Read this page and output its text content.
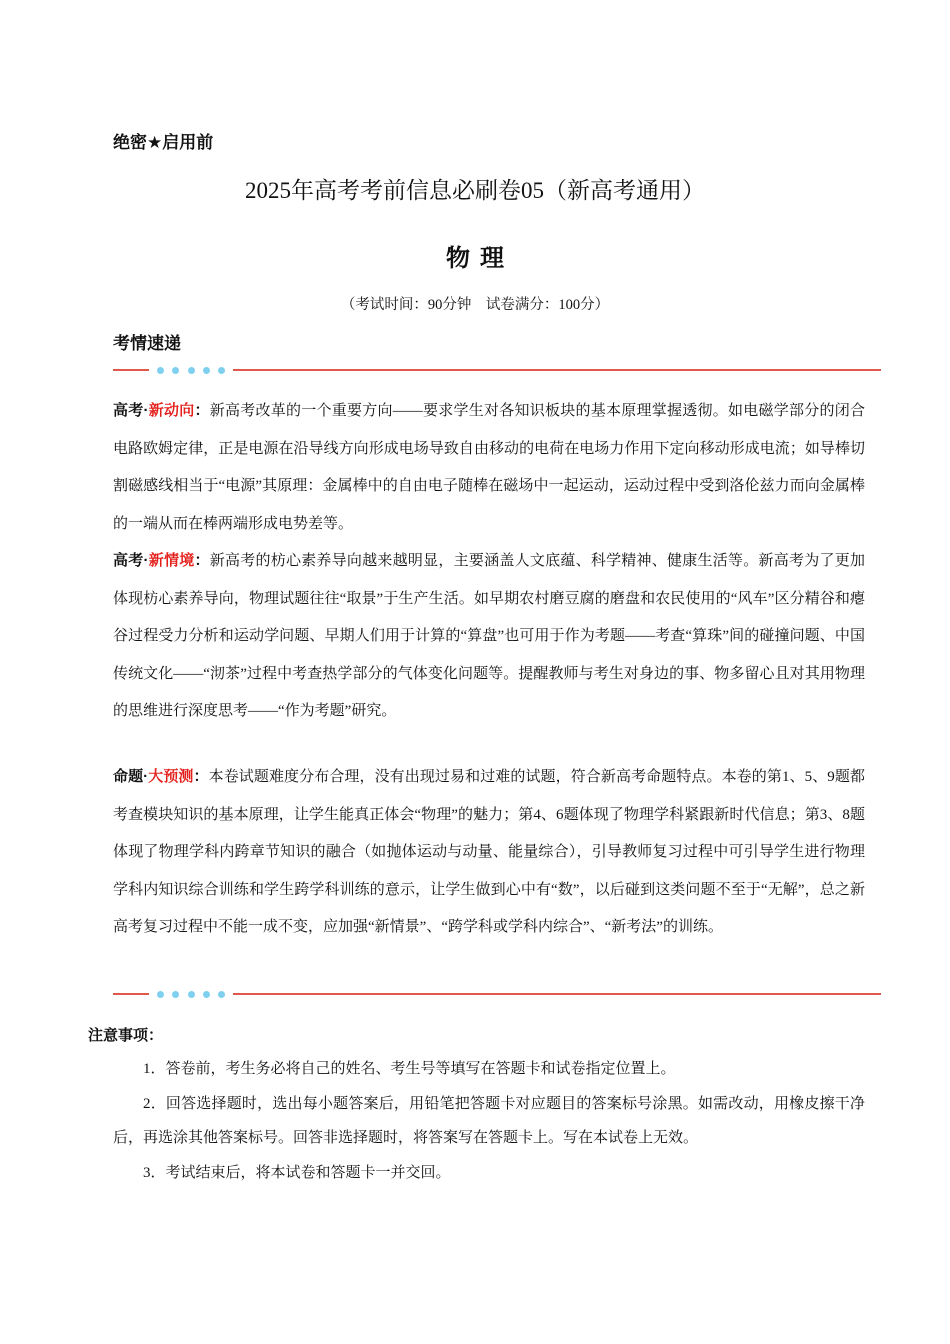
绝密★启用前
2025年高考考前信息必刷卷05（新高考通用）
物理
（考试时间：90分钟　试卷满分：100分）
考情速递
高考·新动向：新高考改革的一个重要方向——要求学生对各知识板块的基本原理掌握透彻。如电磁学部分的闭合电路欧姆定律，正是电源在沿导线方向形成电场导致自由移动的电荷在电场力作用下定向移动形成电流；如导棒切割磁感线相当于“电源”其原理：金属棒中的自由电子随棒在磁场中一起运动，运动过程中受到洛伦兹力而向金属棒的一端从而在棒两端形成电势差等。
高考·新情境：新高考的枋心素养导向越来越明显，主要涵盖人文底蕴、科学精神、健康生活等。新高考为了更加体现枋心素养导向，物理试题往往“取景”于生产生活。如早期农村磨豆腐的磨盘和农民使用的“风车”区分精谷和瘪谷过程受力分析和运动学问题、早期人们用于计算的“算盘”也可用于作为考题——考查“算珠”间的碰撞问题、中国传统文化——“沏茶”过程中考查热学部分的气体变化问题等。提醒教师与考生对身边的事、物多留心且对其用物理的思维进行深度思考——“作为考题”研究。
命题·大预测：本卷试题难度分布合理，没有出现过易和过难的试题，符合新高考命题特点。本卷的第1、5、9题都考查模块知识的基本原理，让学生能真正体会“物理”的魅力；第4、6题体现了物理学科紧跟新时代信息；第3、8题体现了物理学科内跨章节知识的融合（如抛体运动与动量、能量综合），引导教师复习过程中可引导学生进行物理学科内知识综合训练和学生跨学科训练的意示，让学生做到心中有“数”，以后碰到这类问题不至于“无解”，总之新高考复习过程中不能一成不变，应加强“新情景”、“跨学科或学科内综合”、“新考法”的训练。
注意事项：
1．答卷前，考生务必将自己的姓名、考生号等填写在答题卡和试卷指定位置上。
2．回答选择题时，选出每小题答案后，用铅笔把答题卡对应题目的答案标号涂黑。如需改动，用橡皮擦干净后，再选涂其他答案标号。回答非选择题时，将答案写在答题卡上。写在本试卷上无效。
3．考试结束后，将本试卷和答题卡一并交回。
